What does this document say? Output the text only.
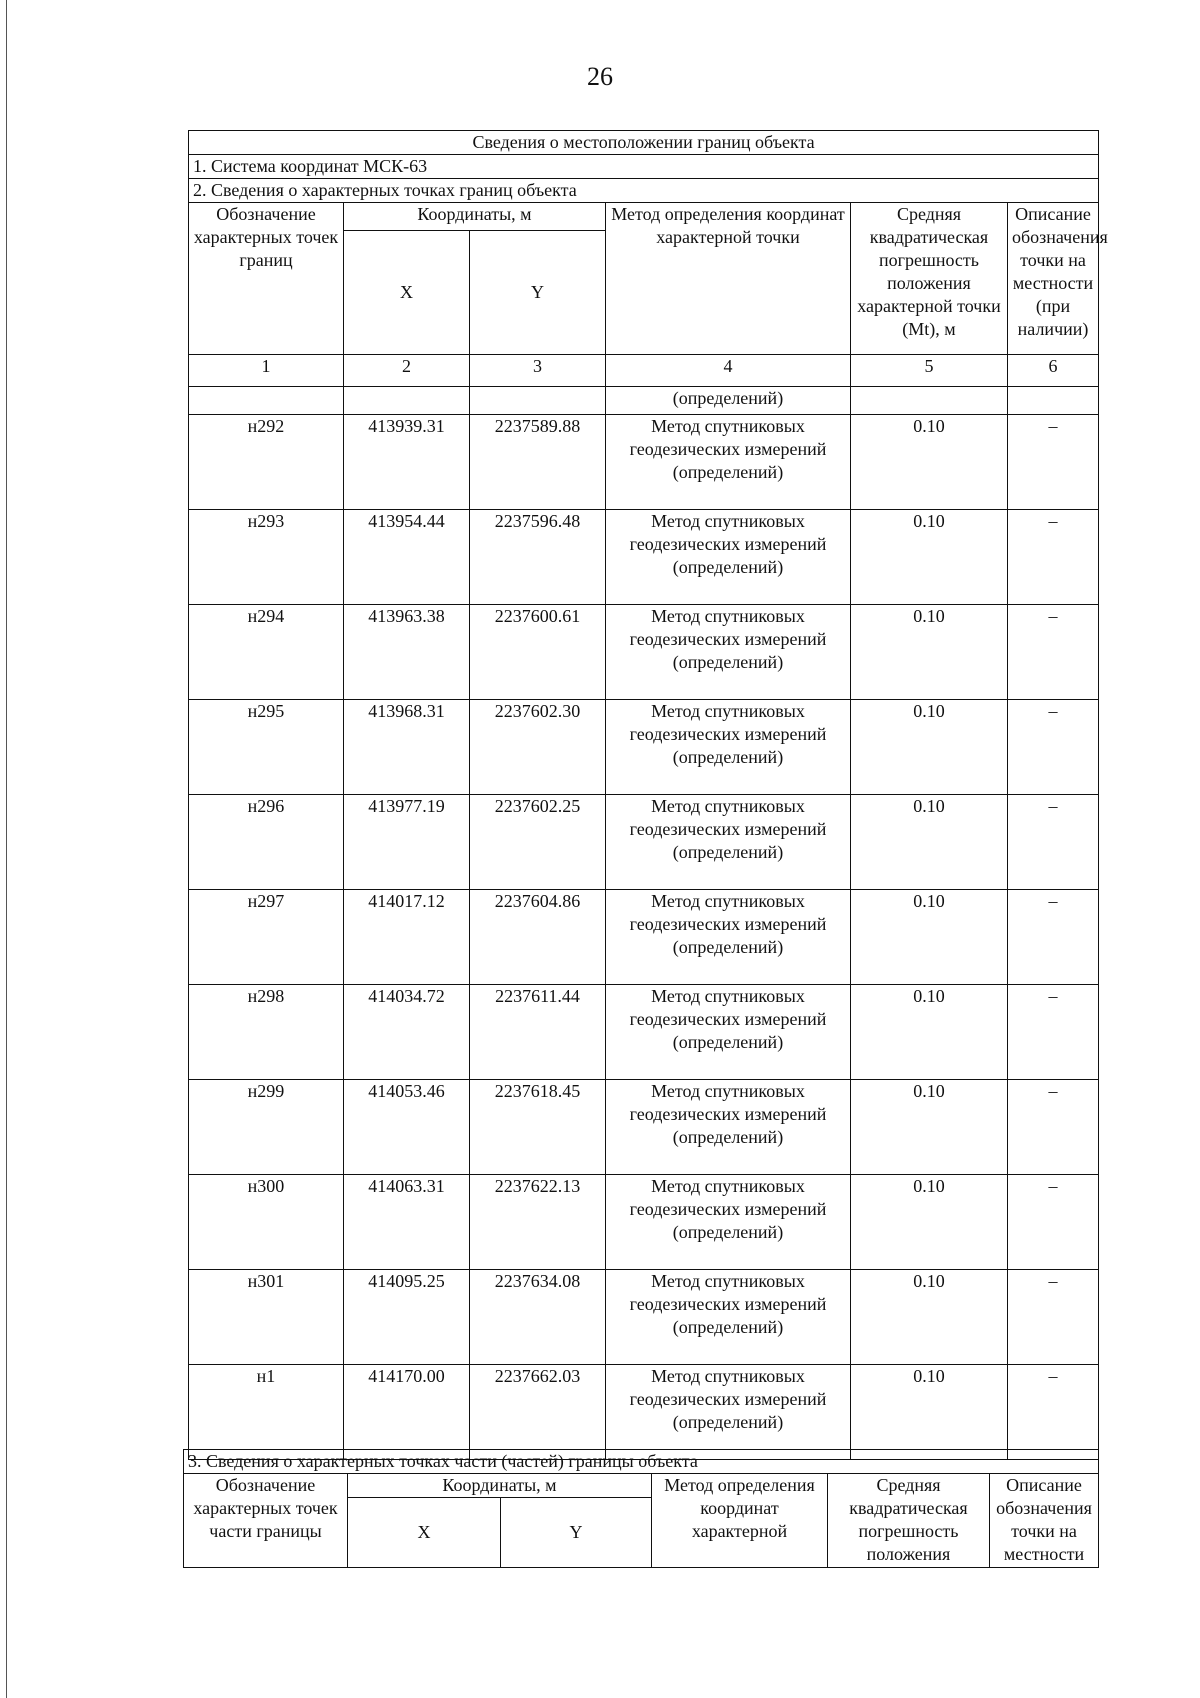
26
Сведения о местоположении границ объекта					
1. Система координат МСК-63					
2. Сведения о характерных точках границ объекта					
Обозначение характерных точек границ	Координаты, м		Метод определения координат характерной точки	Средняя квадратическая погрешность положения характерной точки (Mt), м	Описание обозначения точки на местности (при наличии)
	X	Y			
1	2	3	4	5	6
			(определений)		
н292	413939.31	2237589.88	Метод спутниковых геодезических измерений (определений)	0.10	–
н293	413954.44	2237596.48	Метод спутниковых геодезических измерений (определений)	0.10	–
н294	413963.38	2237600.61	Метод спутниковых геодезических измерений (определений)	0.10	–
н295	413968.31	2237602.30	Метод спутниковых геодезических измерений (определений)	0.10	–
н296	413977.19	2237602.25	Метод спутниковых геодезических измерений (определений)	0.10	–
н297	414017.12	2237604.86	Метод спутниковых геодезических измерений (определений)	0.10	–
н298	414034.72	2237611.44	Метод спутниковых геодезических измерений (определений)	0.10	–
н299	414053.46	2237618.45	Метод спутниковых геодезических измерений (определений)	0.10	–
н300	414063.31	2237622.13	Метод спутниковых геодезических измерений (определений)	0.10	–
н301	414095.25	2237634.08	Метод спутниковых геодезических измерений (определений)	0.10	–
н1	414170.00	2237662.03	Метод спутниковых геодезических измерений (определений)	0.10	–
3. Сведения о характерных точках части (частей) границы объекта					
Обозначение характерных точек части границы	Координаты, м		Метод определения координат характерной	Средняя квадратическая погрешность положения	Описание обозначения точки на местности
	X	Y			
